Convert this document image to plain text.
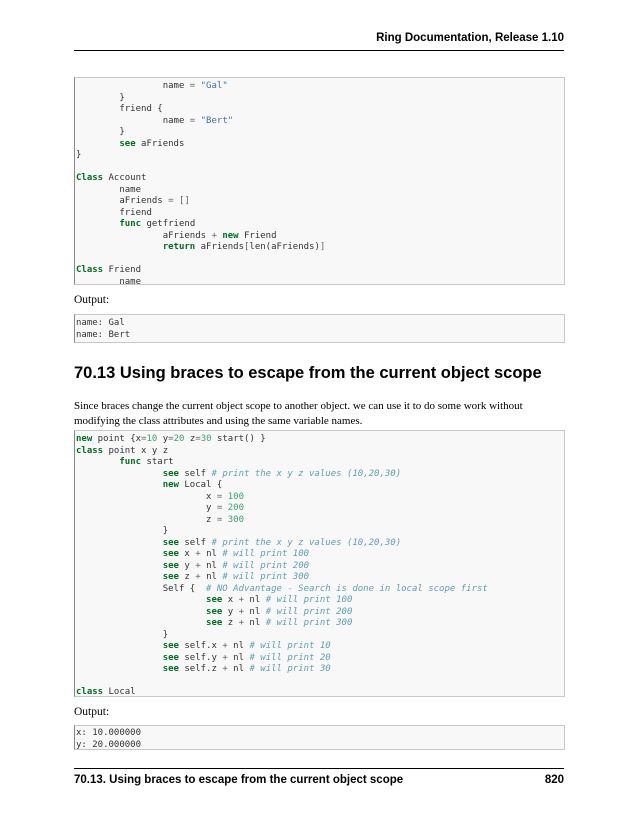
Ring Documentation, Release 1.10
name = "Gal"
}
friend {
name = "Bert"
}
see aFriends
}
Class Account
name
aFriends = []
friend
func getfriend
aFriends + new Friend
return aFriends[len(aFriends)]
Class Friend
name
Output:
name: Gal
name: Bert
70.13 Using braces to escape from the current object scope
Since braces change the current object scope to another object. we can use it to do some work without modifying the class attributes and using the same variable names.
new point {x=10 y=20 z=30 start() }
class point x y z
func start
see self # print the x y z values (10,20,30)
new Local {
x = 100
y = 200
z = 300
}
see self # print the x y z values (10,20,30)
see x + nl # will print 100
see y + nl # will print 200
see z + nl # will print 300
Self {  # NO Advantage - Search is done in local scope first
see x + nl # will print 100
see y + nl # will print 200
see z + nl # will print 300
}
see self.x + nl # will print 10
see self.y + nl # will print 20
see self.z + nl # will print 30
class Local
Output:
x: 10.000000
y: 20.000000
70.13. Using braces to escape from the current object scope	820
